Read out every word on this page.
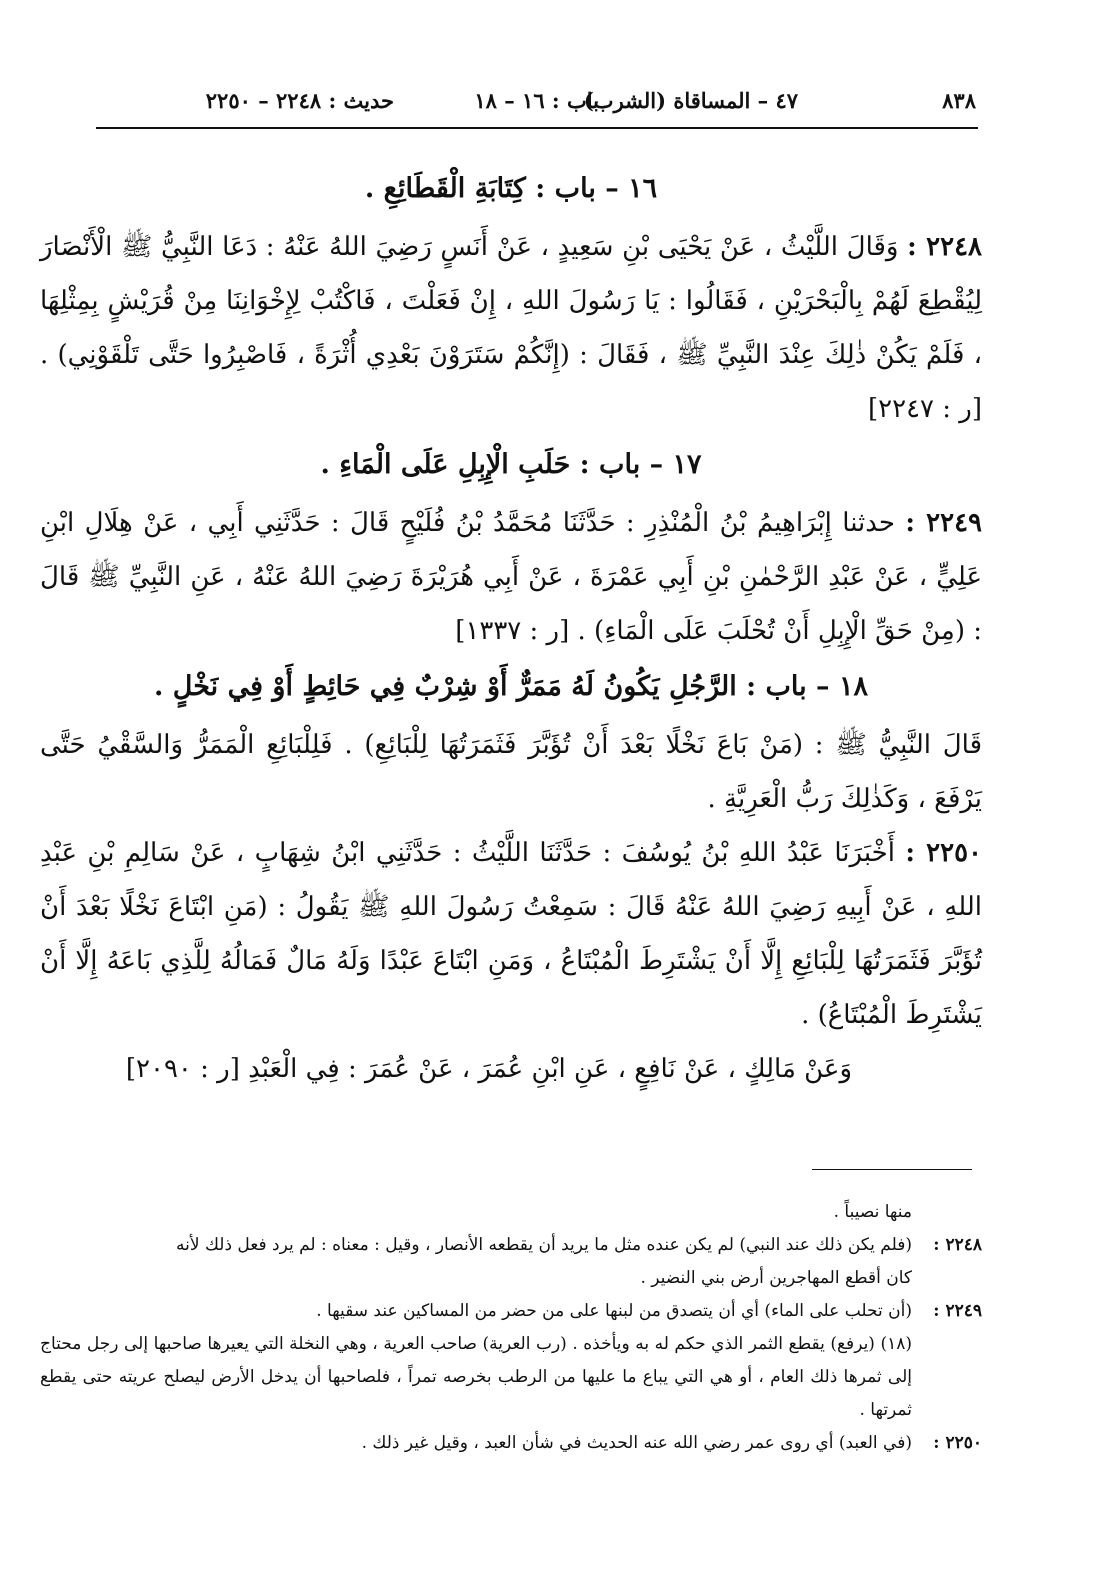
٨٣٨
٤٧ – المساقاة (الشرب)
باب : ١٦ – ١٨
حديث : ٢٢٤٨ – ٢٢٥٠

١٦ – باب : كِتَابَةِ الْقَطَائِعِ .

٢٢٤٨ : وَقَالَ اللَّيْثُ ، عَنْ يَحْيَى بْنِ سَعِيدٍ ، عَنْ أَنَسٍ رَضِيَ اللهُ عَنْهُ : دَعَا النَّبِيُّ ﷺ الْأَنْصَارَ لِيُقْطِعَ لَهُمْ بِالْبَحْرَيْنِ ، فَقَالُوا : يَا رَسُولَ اللهِ ، إِنْ فَعَلْتَ ، فَاكْتُبْ لِإِخْوَانِنَا مِنْ قُرَيْشٍ بِمِثْلِهَا ، فَلَمْ يَكُنْ ذٰلِكَ عِنْدَ النَّبِيِّ ﷺ ، فَقَالَ : (إِنَّكُمْ سَتَرَوْنَ بَعْدِي أُثْرَةً ، فَاصْبِرُوا حَتَّى تَلْقَوْنِي) . [ر : ٢٢٤٧]

١٧ – باب : حَلَبِ الْإِبِلِ عَلَى الْمَاءِ .

٢٢٤٩ : حدثنا إِبْرَاهِيمُ بْنُ الْمُنْذِرِ : حَدَّثَنَا مُحَمَّدُ بْنُ فُلَيْحٍ قَالَ : حَدَّثَنِي أَبِي ، عَنْ هِلَالِ ابْنِ عَلِيٍّ ، عَنْ عَبْدِ الرَّحْمٰنِ بْنِ أَبِي عَمْرَةَ ، عَنْ أَبِي هُرَيْرَةَ رَضِيَ اللهُ عَنْهُ ، عَنِ النَّبِيِّ ﷺ قَالَ : (مِنْ حَقِّ الْإِبِلِ أَنْ تُحْلَبَ عَلَى الْمَاءِ) . [ر : ١٣٣٧]

١٨ – باب : الرَّجُلِ يَكُونُ لَهُ مَمَرٌّ أَوْ شِرْبٌ فِي حَائِطٍ أَوْ فِي نَخْلٍ .

قَالَ النَّبِيُّ ﷺ : (مَنْ بَاعَ نَخْلًا بَعْدَ أَنْ تُؤَبَّرَ فَثَمَرَتُهَا لِلْبَائِعِ) . فَلِلْبَائِعِ الْمَمَرُّ وَالسَّقْيُ حَتَّى يَرْفَعَ ، وَكَذٰلِكَ رَبُّ الْعَرِيَّةِ .

٢٢٥٠ : أَخْبَرَنَا عَبْدُ اللهِ بْنُ يُوسُفَ : حَدَّثَنَا اللَّيْثُ : حَدَّثَنِي ابْنُ شِهَابٍ ، عَنْ سَالِمِ بْنِ عَبْدِ اللهِ ، عَنْ أَبِيهِ رَضِيَ اللهُ عَنْهُ قَالَ : سَمِعْتُ رَسُولَ اللهِ ﷺ يَقُولُ : (مَنِ ابْتَاعَ نَخْلًا بَعْدَ أَنْ تُؤَبَّرَ فَثَمَرَتُهَا لِلْبَائِعِ إِلَّا أَنْ يَشْتَرِطَ الْمُبْتَاعُ ، وَمَنِ ابْتَاعَ عَبْدًا وَلَهُ مَالٌ فَمَالُهُ لِلَّذِي بَاعَهُ إِلَّا أَنْ يَشْتَرِطَ الْمُبْتَاعُ) .

وَعَنْ مَالِكٍ ، عَنْ نَافِعٍ ، عَنِ ابْنِ عُمَرَ ، عَنْ عُمَرَ : فِي الْعَبْدِ [ر : ٢٠٩٠]

منها نصيباً .

٢٢٤٨ :
(فلم يكن ذلك عند النبي) لم يكن عنده مثل ما يريد أن يقطعه الأنصار ، وقيل : معناه : لم يرد فعل ذلك لأنه

كان أقطع المهاجرين أرض بني النضير .

٢٢٤٩ :
(أن تحلب على الماء) أي أن يتصدق من لبنها على من حضر من المساكين عند سقيها .

(١٨) (يرفع) يقطع الثمر الذي حكم له به ويأخذه . (رب العرية) صاحب العرية ، وهي النخلة التي يعيرها صاحبها إلى رجل محتاج إلى ثمرها ذلك العام ، أو هي التي يباع ما عليها من الرطب بخرصه تمراً ، فلصاحبها أن يدخل الأرض ليصلح عريته حتى يقطع ثمرتها .

٢٢٥٠ :
(في العبد) أي روى عمر رضي الله عنه الحديث في شأن العبد ، وقيل غير ذلك .
